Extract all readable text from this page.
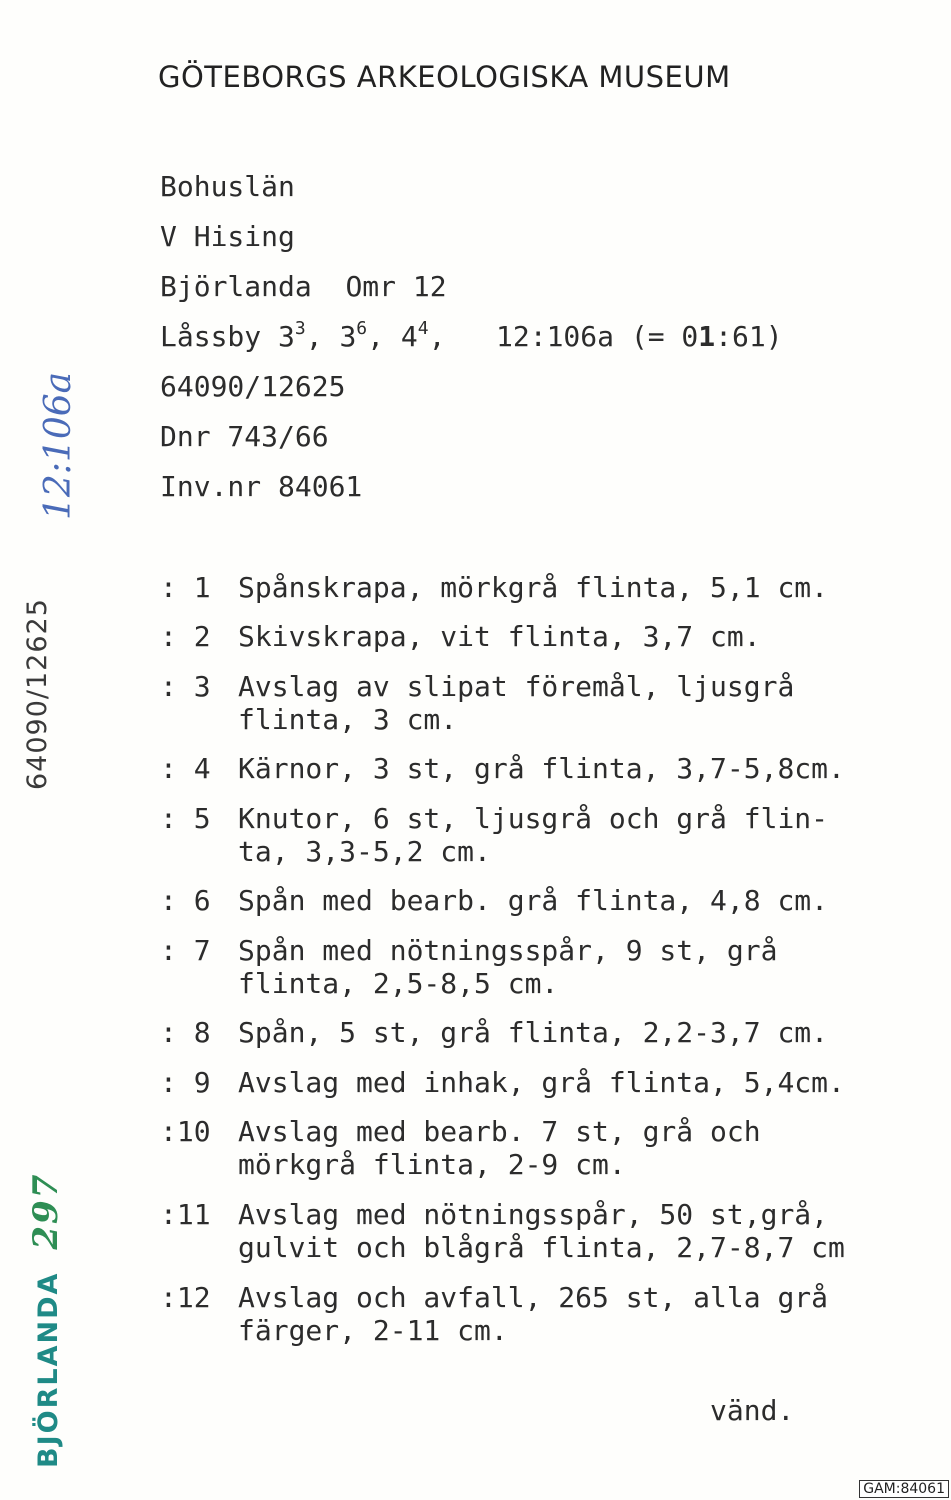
GÖTEBORGS ARKEOLOGISKA MUSEUM
Bohuslän
V Hising
Björlanda Omr 12
Låssby $3^3$, $3^6$, $4^4$,   12:106a (= 01:61)
64090/12625
Dnr 743/66
Inv.nr 84061
12:106a
64090/12625
BJÖRLANDA297
: 1 Spånskrapa, mörkgrå flinta, 5,1 cm.
: 2 Skivskrapa, vit flinta, 3,7 cm.
: 3 Avslag av slipat föremål, ljusgrå
flinta, 3 cm.
: 4 Kärnor, 3 st, grå flinta, 3,7-5,8cm.
: 5 Knutor, 6 st, ljusgrå och grå flin-
ta, 3,3-5,2 cm.
: 6 Spån med bearb. grå flinta, 4,8 cm.
: 7 Spån med nötningsspår, 9 st, grå
flinta, 2,5-8,5 cm.
: 8 Spån, 5 st, grå flinta, 2,2-3,7 cm.
: 9 Avslag med inhak, grå flinta, 5,4cm.
:10 Avslag med bearb. 7 st, grå och
mörkgrå flinta, 2-9 cm.
:11 Avslag med nötningsspår, 50 st,grå,
gulvit och blågrå flinta, 2,7-8,7 cm
:12 Avslag och avfall, 265 st, alla grå
färger, 2-11 cm.
vänd.
GAM:84061
